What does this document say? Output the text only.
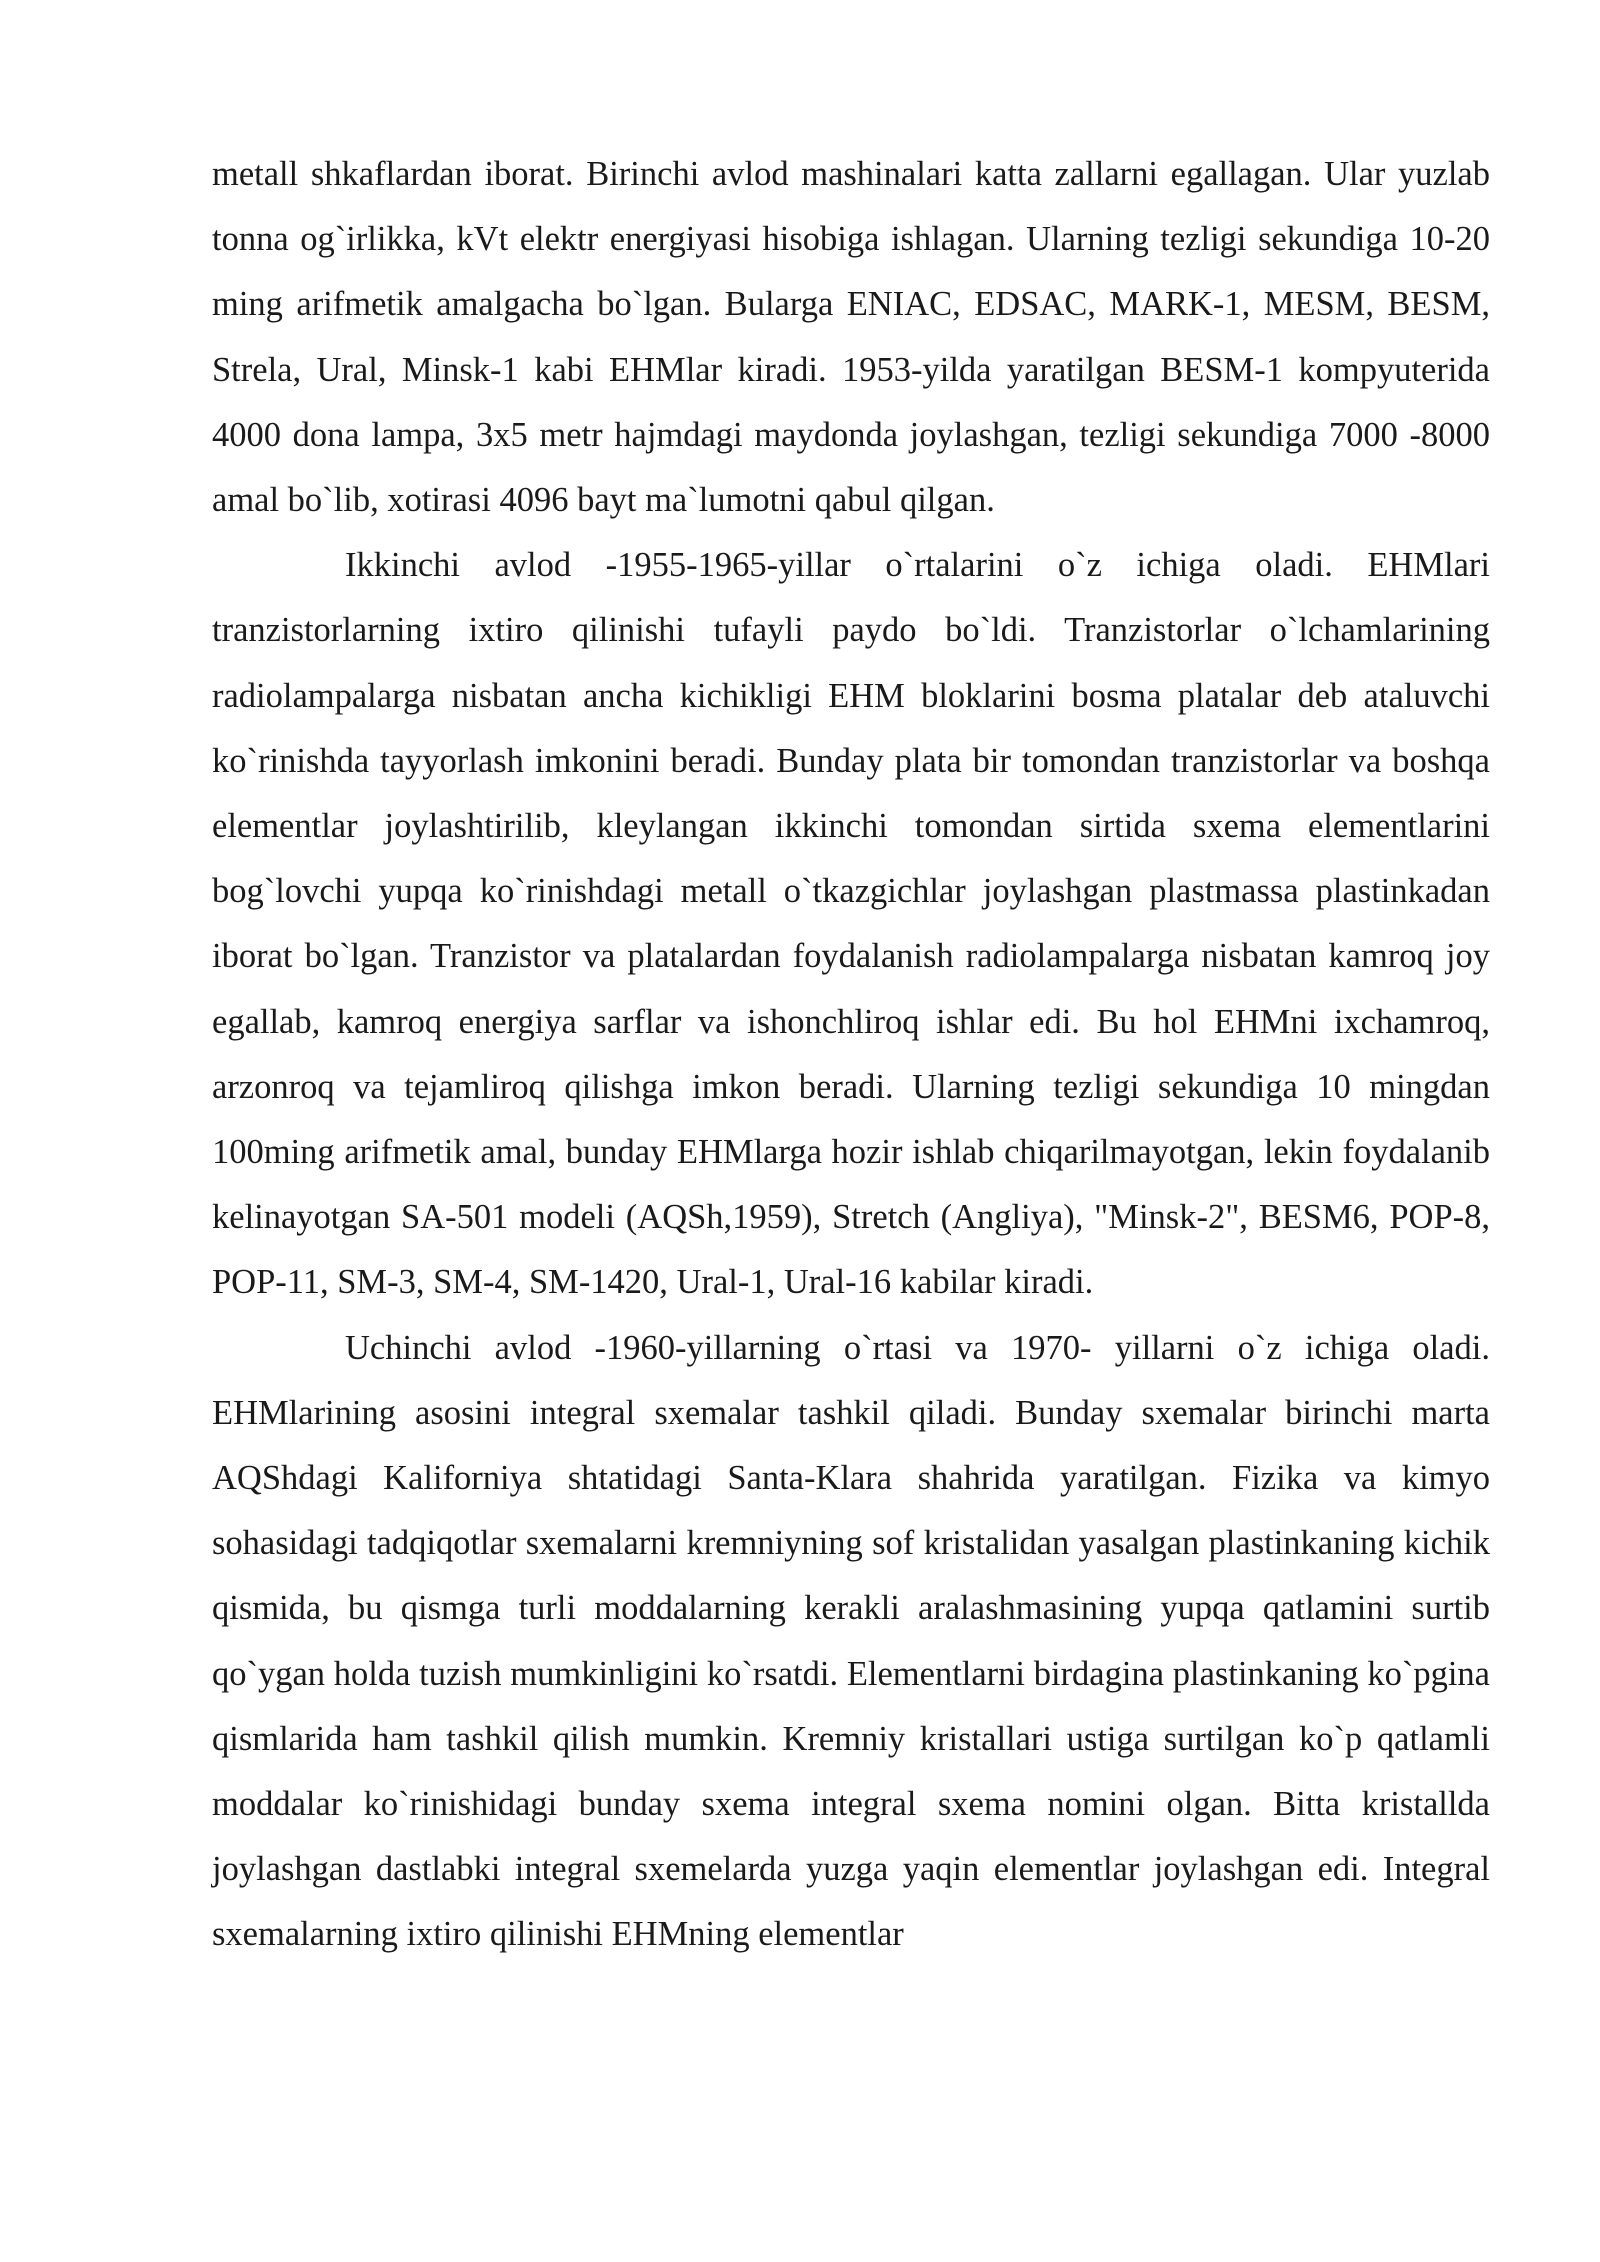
metall shkaflardan iborat. Birinchi avlod mashinalari katta zallarni egallagan. Ular yuzlab tonna og`irlikka, kVt elektr energiyasi hisobiga ishlagan. Ularning tezligi sekundiga 10-20 ming arifmetik amalgacha bo`lgan. Bularga ENIAC, EDSAC, MARK-1, MESM, BESM, Strela, Ural, Minsk-1 kabi EHMlar kiradi. 1953-yilda yaratilgan BESM-1 kompyuterida 4000 dona lampa, 3x5 metr hajmdagi maydonda joylashgan, tezligi sekundiga 7000 -8000 amal bo`lib, xotirasi 4096 bayt ma`lumotni qabul qilgan.

Ikkinchi avlod -1955-1965-yillar o`rtalarini o`z ichiga oladi. EHMlari tranzistorlarning ixtiro qilinishi tufayli paydo bo`ldi. Tranzistorlar o`lchamlarining radiolampalarga nisbatan ancha kichikligi EHM bloklarini bosma platalar deb ataluvchi ko`rinishda tayyorlash imkonini beradi. Bunday plata bir tomondan tranzistorlar va boshqa elementlar joylashtirilib, kleylangan ikkinchi tomondan sirtida sxema elementlarini bog`lovchi yupqa ko`rinishdagi metall o`tkazgichlar joylashgan plastmassa plastinkadan iborat bo`lgan. Tranzistor va platalardan foydalanish radiolampalarga nisbatan kamroq joy egallab, kamroq energiya sarflar va ishonchliroq ishlar edi. Bu hol EHMni ixchamroq, arzonroq va tejamliroq qilishga imkon beradi. Ularning tezligi sekundiga 10 mingdan 100ming arifmetik amal, bunday EHMlarga hozir ishlab chiqarilmayotgan, lekin foydalanib kelinayotgan SA-501 modeli (AQSh,1959), Stretch (Angliya), "Minsk-2", BESM6, POP-8, POP-11, SM-3, SM-4, SM-1420, Ural-1, Ural-16 kabilar kiradi.

Uchinchi avlod -1960-yillarning o`rtasi va 1970- yillarni o`z ichiga oladi. EHMlarining asosini integral sxemalar tashkil qiladi. Bunday sxemalar birinchi marta AQShdagi Kaliforniya shtatidagi Santa-Klara shahrida yaratilgan. Fizika va kimyo sohasidagi tadqiqotlar sxemalarni kremniyning sof kristalidan yasalgan plastinkaning kichik qismida, bu qismga turli moddalarning kerakli aralashmasining yupqa qatlamini surtib qo`ygan holda tuzish mumkinligini ko`rsatdi. Elementlarni birdagina plastinkaning ko`pgina qismlarida ham tashkil qilish mumkin. Kremniy kristallari ustiga surtilgan ko`p qatlamli moddalar ko`rinishidagi bunday sxema integral sxema nomini olgan. Bitta kristallda joylashgan dastlabki integral sxemelarda yuzga yaqin elementlar joylashgan edi. Integral sxemalarning ixtiro qilinishi EHMning elementlar
